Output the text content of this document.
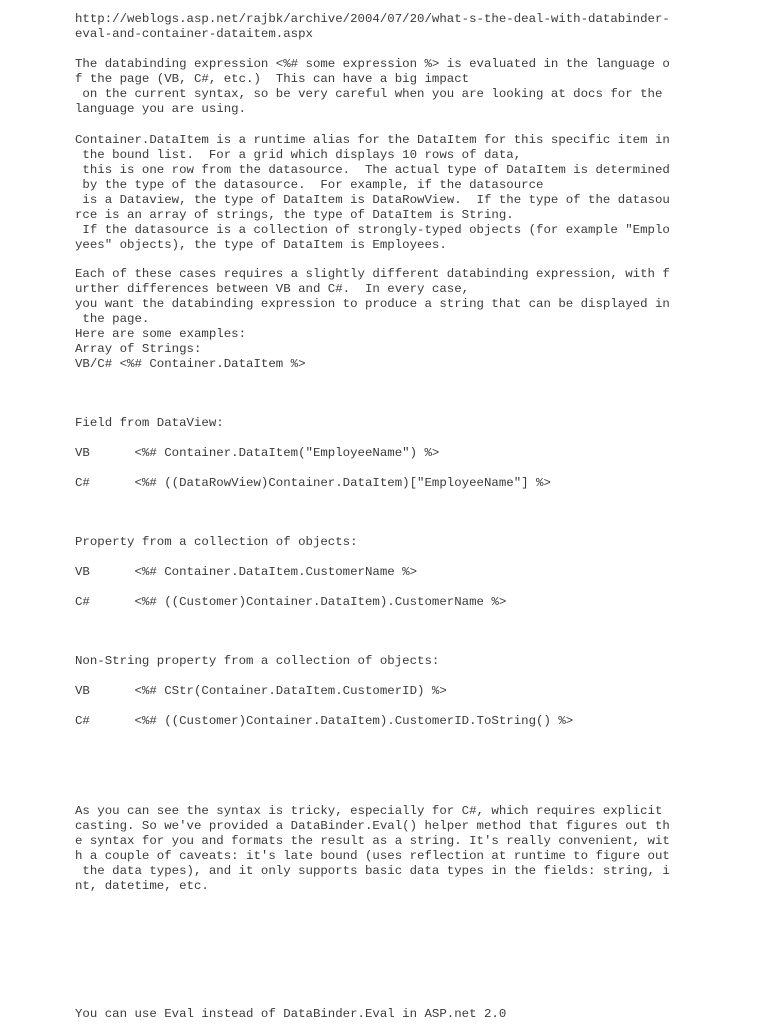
http://weblogs.asp.net/rajbk/archive/2004/07/20/what-s-the-deal-with-databinder-
eval-and-container-dataitem.aspx
The databinding expression <%# some expression %> is evaluated in the language o
f the page (VB, C#, etc.)  This can have a big impact
on the current syntax, so be very careful when you are looking at docs for the
language you are using.
Container.DataItem is a runtime alias for the DataItem for this specific item in
the bound list.  For a grid which displays 10 rows of data,
this is one row from the datasource.  The actual type of DataItem is determined
by the type of the datasource.  For example, if the datasource
is a Dataview, the type of DataItem is DataRowView.  If the type of the datasou
rce is an array of strings, the type of DataItem is String.
If the datasource is a collection of strongly-typed objects (for example "Emplo
yees" objects), the type of DataItem is Employees.
Each of these cases requires a slightly different databinding expression, with f
urther differences between VB and C#.  In every case,
you want the databinding expression to produce a string that can be displayed in
the page.
Here are some examples:
Array of Strings:
VB/C# <%# Container.DataItem %>
Field from DataView:
VB      <%# Container.DataItem("EmployeeName") %>
C#      <%# ((DataRowView)Container.DataItem)["EmployeeName"] %>
Property from a collection of objects:
VB      <%# Container.DataItem.CustomerName %>
C#      <%# ((Customer)Container.DataItem).CustomerName %>
Non-String property from a collection of objects:
VB      <%# CStr(Container.DataItem.CustomerID) %>
C#      <%# ((Customer)Container.DataItem).CustomerID.ToString() %>
As you can see the syntax is tricky, especially for C#, which requires explicit
casting. So we've provided a DataBinder.Eval() helper method that figures out th
e syntax for you and formats the result as a string. It's really convenient, wit
h a couple of caveats: it's late bound (uses reflection at runtime to figure out
the data types), and it only supports basic data types in the fields: string, i
nt, datetime, etc.
You can use Eval instead of DataBinder.Eval in ASP.net 2.0
